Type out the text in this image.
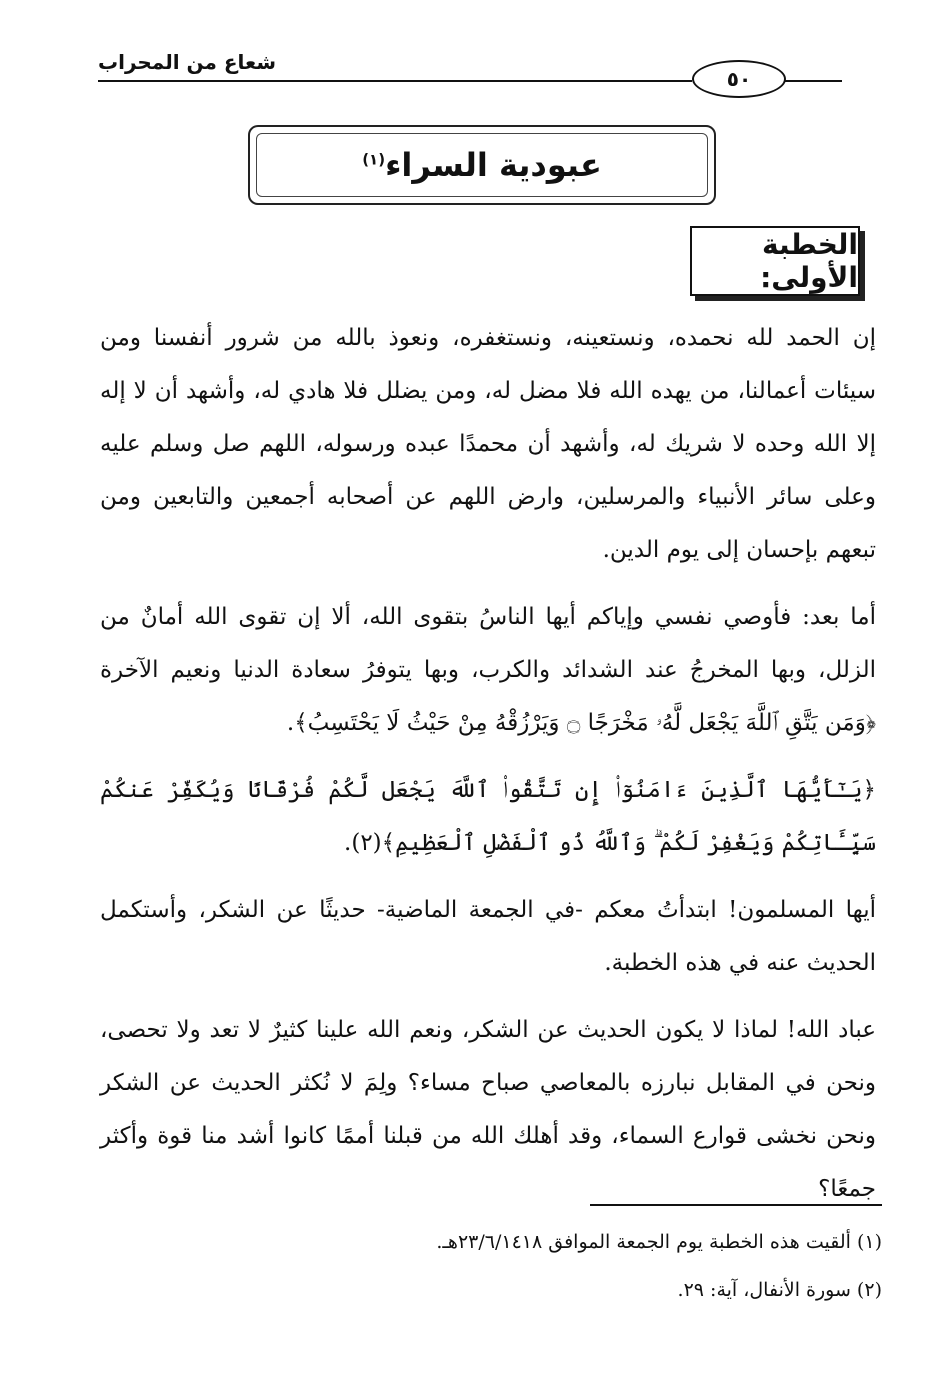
شعاع من المحراب
٥٠
عبودية السراء$^{(١)}$
الخطبة الأولى:

إن الحمد لله نحمده، ونستعينه، ونستغفره، ونعوذ بالله من شرور أنفسنا ومن سيئات أعمالنا، من يهده الله فلا مضل له، ومن يضلل فلا هادي له، وأشهد أن لا إله إلا الله وحده لا شريك له، وأشهد أن محمدًا عبده ورسوله، اللهم صل وسلم عليه وعلى سائر الأنبياء والمرسلين، وارض اللهم عن أصحابه أجمعين والتابعين ومن تبعهم بإحسان إلى يوم الدين.

أما بعد: فأوصي نفسي وإياكم أيها الناسُ بتقوى الله، ألا إن تقوى الله أمانٌ من الزلل، وبها المخرجُ عند الشدائد والكرب، وبها يتوفرُ سعادة الدنيا ونعيم الآخرة ﴿وَمَن يَتَّقِ ٱللَّهَ يَجْعَل لَّهُۥ مَخْرَجًا ۝ وَيَرْزُقْهُ مِنْ حَيْثُ لَا يَحْتَسِبُ﴾.

﴿يَـٰٓأَيُّهَا ٱلَّذِينَ ءَامَنُوٓا۟ إِن تَتَّقُوا۟ ٱللَّهَ يَجْعَل لَّكُمْ فُرْقَانًا وَيُكَفِّرْ عَنكُمْ سَيِّـَٔاتِكُمْ وَيَغْفِرْ لَكُمْ ۗ وَٱللَّهُ ذُو ٱلْفَضْلِ ٱلْعَظِيمِ﴾(٢).

أيها المسلمون! ابتدأتُ معكم -في الجمعة الماضية- حديثًا عن الشكر، وأستكمل الحديث عنه في هذه الخطبة.

عباد الله! لماذا لا يكون الحديث عن الشكر، ونعم الله علينا كثيرٌ لا تعد ولا تحصى، ونحن في المقابل نبارزه بالمعاصي صباح مساء؟ ولِمَ لا نُكثر الحديث عن الشكر ونحن نخشى قوارع السماء، وقد أهلك الله من قبلنا أممًا كانوا أشد منا قوة وأكثر جمعًا؟

(١) ألقيت هذه الخطبة يوم الجمعة الموافق ٢٣/٦/١٤١٨هـ.

(٢) سورة الأنفال، آية: ٢٩.
